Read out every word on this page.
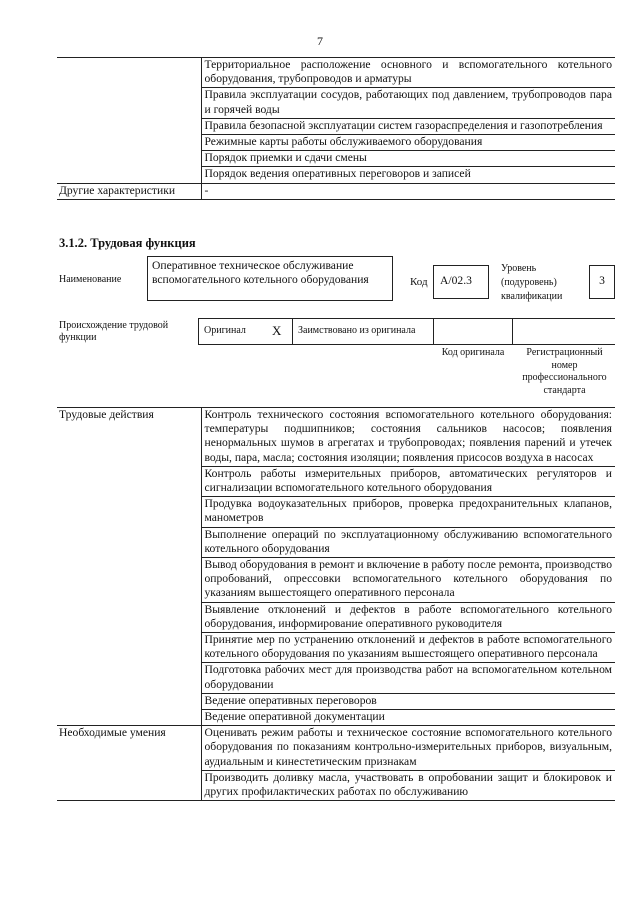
7
	Территориальное расположение основного и вспомогательного котельного оборудования, трубопроводов и арматуры
	Правила эксплуатации сосудов, работающих под давлением, трубопроводов пара и горячей воды
	Правила безопасной эксплуатации систем газораспределения и газопотребления
	Режимные карты работы обслуживаемого оборудования
	Порядок приемки и сдачи смены
	Порядок ведения оперативных переговоров и записей
Другие характеристики	-
3.1.2. Трудовая функция
Наименование
Оперативное техническое обслуживание вспомогательного котельного оборудования	Код	A/02.3
Уровень (подуровень) квалификации
3
Происхождение трудовой функции
Оригинал X	Заимствовано из оригинала
Код оригинала	Регистрационный номер профессионального стандарта
Трудовые действия	Контроль технического состояния вспомогательного котельного оборудования: температуры подшипников; состояния сальников насосов; появления ненормальных шумов в агрегатах и трубопроводах; появления парений и утечек воды, пара, масла; состояния изоляции; появления присосов воздуха в насосах
	Контроль работы измерительных приборов, автоматических регуляторов и сигнализации вспомогательного котельного оборудования
	Продувка водоуказательных приборов, проверка предохранительных клапанов, манометров
	Выполнение операций по эксплуатационному обслуживанию вспомогательного котельного оборудования
	Вывод оборудования в ремонт и включение в работу после ремонта, производство опробований, опрессовки вспомогательного котельного оборудования по указаниям вышестоящего оперативного персонала
	Выявление отклонений и дефектов в работе вспомогательного котельного оборудования, информирование оперативного руководителя
	Принятие мер по устранению отклонений и дефектов в работе вспомогательного котельного оборудования по указаниям вышестоящего оперативного персонала
	Подготовка рабочих мест для производства работ на вспомогательном котельном оборудовании
	Ведение оперативных переговоров
	Ведение оперативной документации
Необходимые умения	Оценивать режим работы и техническое состояние вспомогательного котельного оборудования по показаниям контрольно-измерительных приборов, визуальным, аудиальным и кинестетическим признакам
	Производить доливку масла, участвовать в опробовании защит и блокировок и других профилактических работах по обслуживанию
